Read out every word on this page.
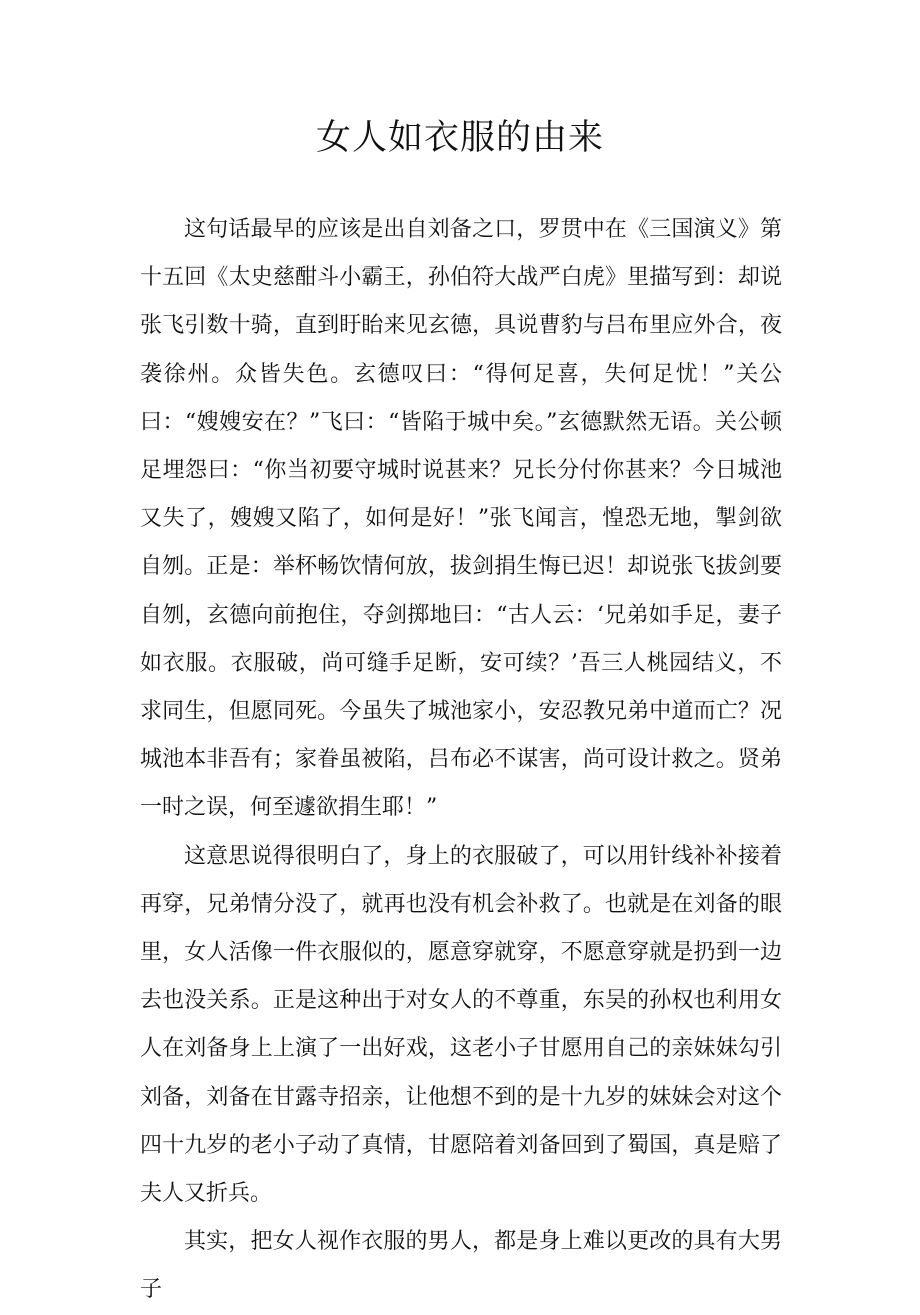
女人如衣服的由来

这句话最早的应该是出自刘备之口，罗贯中在《三国演义》第十五回《太史慈酣斗小霸王，孙伯符大战严白虎》里描写到：却说张飞引数十骑，直到盱眙来见玄德，具说曹豹与吕布里应外合，夜袭徐州。众皆失色。玄德叹曰：“得何足喜，失何足忧！”关公曰：“嫂嫂安在？”飞曰：“皆陷于城中矣。”玄德默然无语。关公顿足埋怨曰：“你当初要守城时说甚来？兄长分付你甚来？今日城池又失了，嫂嫂又陷了，如何是好！”张飞闻言，惶恐无地，掣剑欲自刎。正是：举杯畅饮情何放，拔剑捐生悔已迟！却说张飞拔剑要自刎，玄德向前抱住，夺剑掷地曰：“古人云：‘兄弟如手足，妻子如衣服。衣服破，尚可缝手足断，安可续？’吾三人桃园结义，不求同生，但愿同死。今虽失了城池家小，安忍教兄弟中道而亡？况城池本非吾有；家眷虽被陷，吕布必不谋害，尚可设计救之。贤弟一时之误，何至遽欲捐生耶！”

这意思说得很明白了，身上的衣服破了，可以用针线补补接着再穿，兄弟情分没了，就再也没有机会补救了。也就是在刘备的眼里，女人活像一件衣服似的，愿意穿就穿，不愿意穿就是扔到一边去也没关系。正是这种出于对女人的不尊重，东吴的孙权也利用女人在刘备身上上演了一出好戏，这老小子甘愿用自己的亲妹妹勾引刘备，刘备在甘露寺招亲，让他想不到的是十九岁的妹妹会对这个四十九岁的老小子动了真情，甘愿陪着刘备回到了蜀国，真是赔了夫人又折兵。

其实，把女人视作衣服的男人，都是身上难以更改的具有大男子
